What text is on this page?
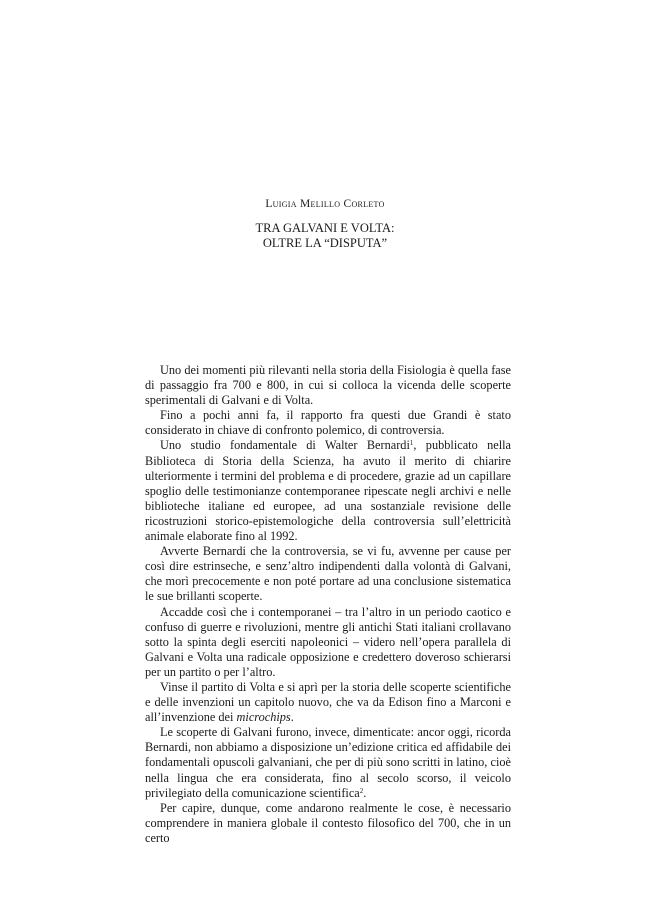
Luigia Melillo Corleto
TRA GALVANI E VOLTA:
OLTRE LA “DISPUTA”

Uno dei momenti più rilevanti nella storia della Fisiologia è quella fase di passaggio fra 700 e 800, in cui si colloca la vicenda delle scoperte sperimentali di Galvani e di Volta.

Fino a pochi anni fa, il rapporto fra questi due Grandi è stato considerato in chiave di confronto polemico, di controversia.

Uno studio fondamentale di Walter Bernardi$^1$, pubblicato nella Biblioteca di Storia della Scienza, ha avuto il merito di chiarire ulteriormente i termini del problema e di procedere, grazie ad un capillare spoglio delle testimonianze contemporanee ripescate negli archivi e nelle biblioteche italiane ed europee, ad una sostanziale revisione delle ricostruzioni storico-epistemologiche della controversia sull’elettricità animale elaborate fino al 1992.

Avverte Bernardi che la controversia, se vi fu, avvenne per cause per così dire estrinseche, e senz’altro indipendenti dalla volontà di Galvani, che morì precocemente e non poté portare ad una conclusione sistematica le sue brillanti scoperte.

Accadde così che i contemporanei – tra l’altro in un periodo caotico e confuso di guerre e rivoluzioni, mentre gli antichi Stati italiani crollavano sotto la spinta degli eserciti napoleonici – videro nell’opera parallela di Galvani e Volta una radicale opposizione e credettero doveroso schierarsi per un partito o per l’altro.

Vinse il partito di Volta e si aprì per la storia delle scoperte scientifiche e delle invenzioni un capitolo nuovo, che va da Edison fino a Marconi e all’invenzione dei microchips.

Le scoperte di Galvani furono, invece, dimenticate: ancor oggi, ricorda Bernardi, non abbiamo a disposizione un’edizione critica ed affidabile dei fondamentali opuscoli galvaniani, che per di più sono scritti in latino, cioè nella lingua che era considerata, fino al secolo scorso, il veicolo privilegiato della comunicazione scientifica$^2$.

Per capire, dunque, come andarono realmente le cose, è necessario comprendere in maniera globale il contesto filosofico del 700, che in un certo
